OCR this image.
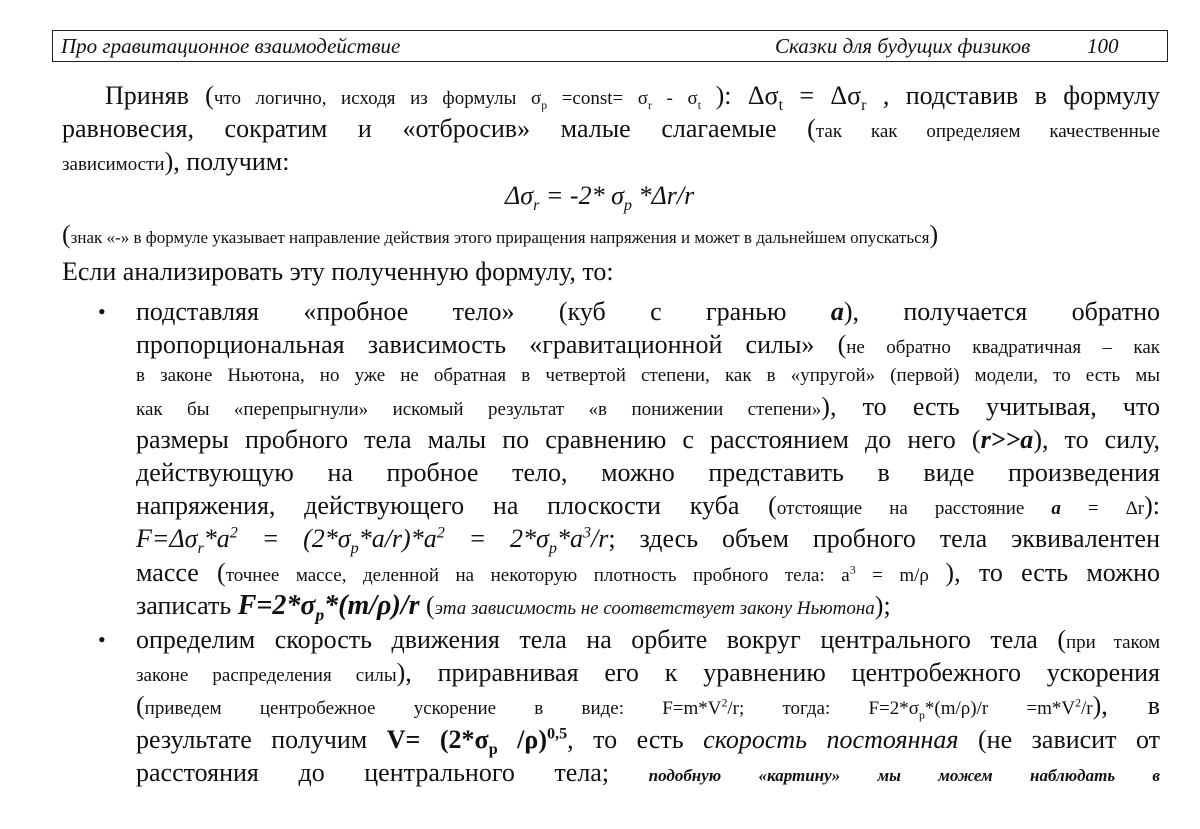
Про гравитационное взаимодействие	Сказки для будущих физиков	100
Приняв (что логично, исходя из формулы $\sigma_p$ =const= $\sigma_r - \sigma_t$ ): $\Delta\sigma_t = \Delta\sigma_r$ , подставив в формулу
равновесия, сократим и «отбросив» малые слагаемые (так как определяем качественные
зависимости), получим:
$\Delta\sigma_r = -2*$ $\sigma_p$ *Δr/r
(знак «-» в формуле указывает направление действия этого приращения напряжения и может в дальнейшем опускаться)
Если анализировать эту полученную формулу, то:
• подставляя «пробное тело» (куб с гранью a), получается обратно
пропорциональная зависимость «гравитационной силы» (не обратно квадратичная – как
в законе Ньютона, но уже не обратная в четвертой степени, как в «упругой» (первой) модели, то есть мы
как бы «перепрыгнули» искомый результат «в понижении степени»), то есть учитывая, что
размеры пробного тела малы по сравнению с расстоянием до него (r>>a), то силу,
действующую на пробное тело, можно представить в виде произведения
напряжения, действующего на плоскости куба (отстоящие на расстояние a = Δr):
$F=\Delta\sigma_r*a^2 = (2*\sigma_p*a/r)*a^2 = 2*\sigma_p*a^3/r$; здесь объем пробного тела эквивалентен
массе (точнее массе, деленной на некоторую плотность пробного тела: $a^3 = m/\rho$ ), то есть можно
записать $F=2*\sigma_p*(m/\rho)/r$ (эта зависимость не соответствует закону Ньютона);
• определим скорость движения тела на орбите вокруг центрального тела (при таком
законе распределения силы), приравнивая его к уравнению центробежного ускорения
(приведем центробежное ускорение в виде: $F=m*V^2/r$; тогда: $F=2*\sigma_p*(m/\rho)/r =m*V^2/r$), в
результате получим $V= (2*\sigma_p$ /ρ)$^{0,5}$, то есть скорость постоянная (не зависит от
расстояния до центрального тела; подобную «картину» мы можем наблюдать в
